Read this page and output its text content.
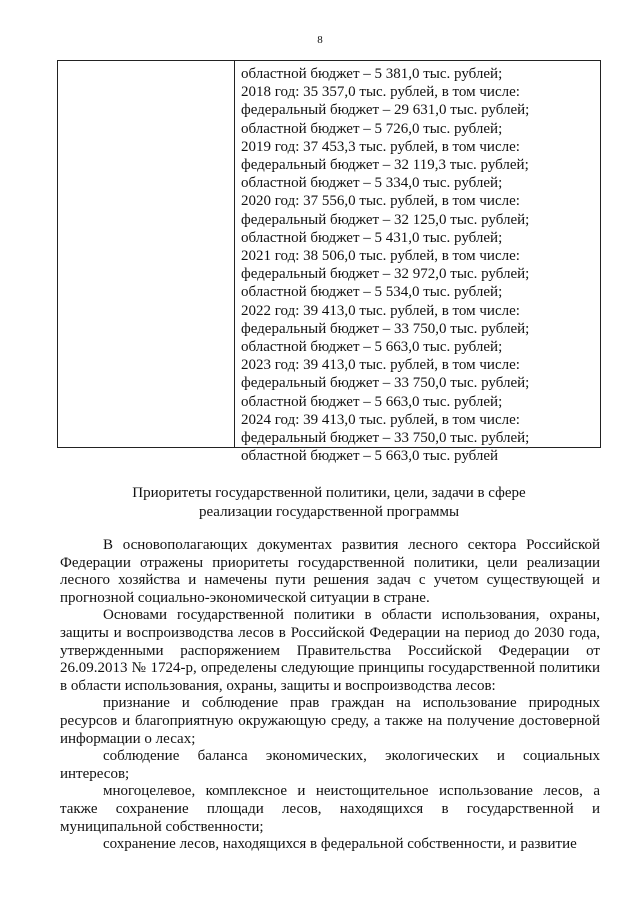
8
областной бюджет – 5 381,0 тыс. рублей;
2018 год: 35 357,0 тыс. рублей, в том числе:
федеральный бюджет – 29 631,0 тыс. рублей;
областной бюджет – 5 726,0 тыс. рублей;
2019 год: 37 453,3 тыс. рублей, в том числе:
федеральный бюджет – 32 119,3 тыс. рублей;
областной бюджет – 5 334,0 тыс. рублей;
2020 год: 37 556,0 тыс. рублей, в том числе:
федеральный бюджет – 32 125,0 тыс. рублей;
областной бюджет – 5 431,0 тыс. рублей;
2021 год: 38 506,0 тыс. рублей, в том числе:
федеральный бюджет – 32 972,0 тыс. рублей;
областной бюджет – 5 534,0 тыс. рублей;
2022 год: 39 413,0 тыс. рублей, в том числе:
федеральный бюджет – 33 750,0 тыс. рублей;
областной бюджет – 5 663,0 тыс. рублей;
2023 год: 39 413,0 тыс. рублей, в том числе:
федеральный бюджет – 33 750,0 тыс. рублей;
областной бюджет – 5 663,0 тыс. рублей;
2024 год: 39 413,0 тыс. рублей, в том числе:
федеральный бюджет – 33 750,0 тыс. рублей;
областной бюджет – 5 663,0 тыс. рублей
Приоритеты государственной политики, цели, задачи в сфере
реализации государственной программы

В основополагающих документах развития лесного сектора Российской Федерации отражены приоритеты государственной политики, цели реализации лесного хозяйства и намечены пути решения задач с учетом существующей и прогнозной социально-экономической ситуации в стране.

Основами государственной политики в области использования, охраны, защиты и воспроизводства лесов в Российской Федерации на период до 2030 года, утвержденными распоряжением Правительства Российской Федерации от 26.09.2013 № 1724-р, определены следующие принципы государственной политики в области использования, охраны, защиты и воспроизводства лесов:

признание и соблюдение прав граждан на использование природных ресурсов и благоприятную окружающую среду, а также на получение достоверной информации о лесах;

соблюдение баланса экономических, экологических и социальных интересов;

многоцелевое, комплексное и неистощительное использование лесов, а также сохранение площади лесов, находящихся в государственной и муниципальной собственности;

сохранение лесов, находящихся в федеральной собственности, и развитие
